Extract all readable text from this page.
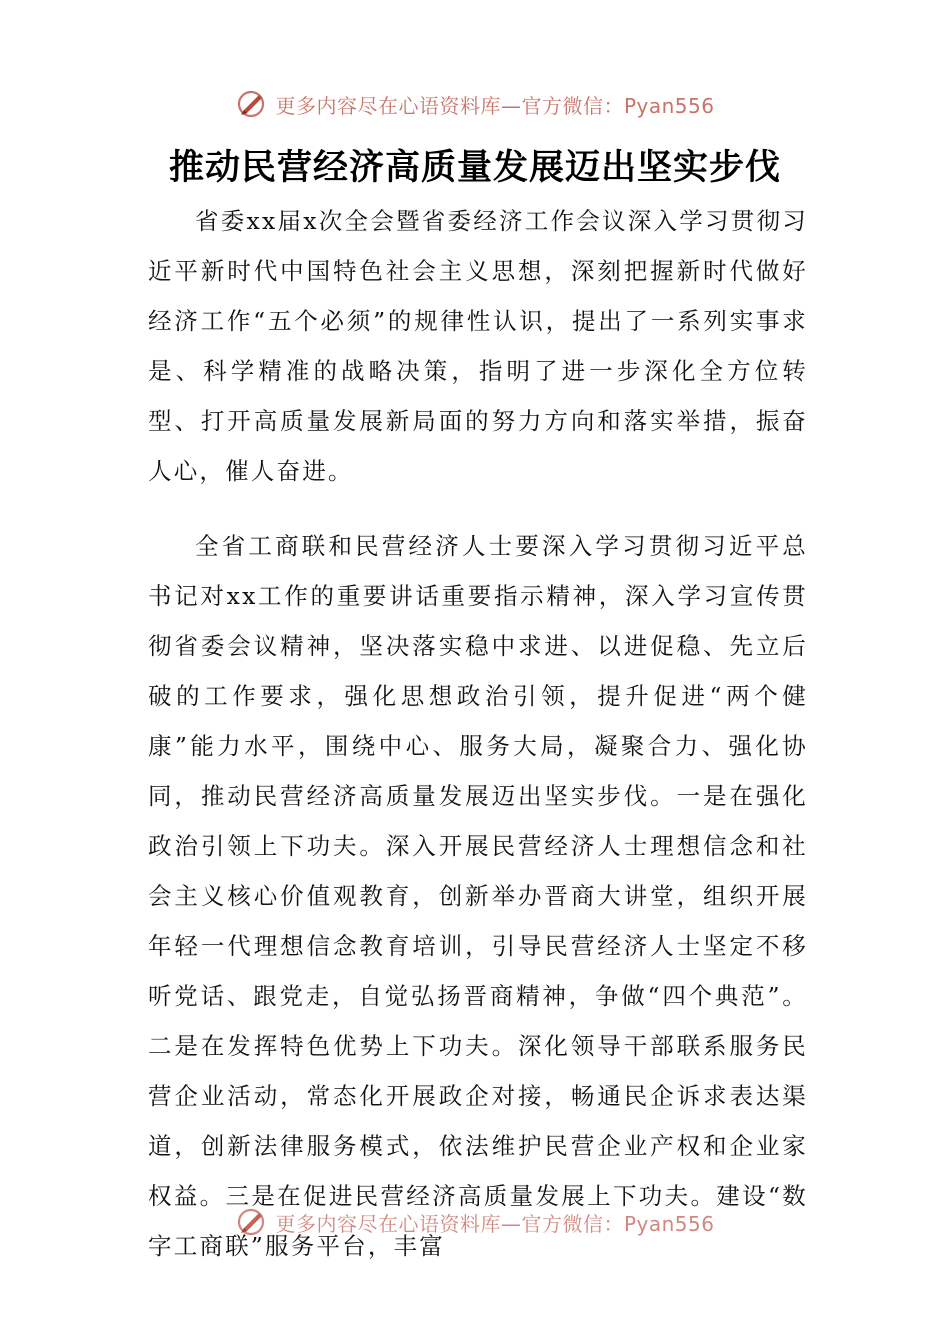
更多内容尽在心语资料库—官方微信：Pyan556
推动民营经济高质量发展迈出坚实步伐

省委xx届x次全会暨省委经济工作会议深入学习贯彻习近平新时代中国特色社会主义思想，深刻把握新时代做好经济工作“五个必须”的规律性认识，提出了一系列实事求是、科学精准的战略决策，指明了进一步深化全方位转型、打开高质量发展新局面的努力方向和落实举措，振奋人心，催人奋进。

全省工商联和民营经济人士要深入学习贯彻习近平总书记对xx工作的重要讲话重要指示精神，深入学习宣传贯彻省委会议精神，坚决落实稳中求进、以进促稳、先立后破的工作要求，强化思想政治引领，提升促进“两个健康”能力水平，围绕中心、服务大局，凝聚合力、强化协同，推动民营经济高质量发展迈出坚实步伐。一是在强化政治引领上下功夫。深入开展民营经济人士理想信念和社会主义核心价值观教育，创新举办晋商大讲堂，组织开展年轻一代理想信念教育培训，引导民营经济人士坚定不移听党话、跟党走，自觉弘扬晋商精神，争做“四个典范”。二是在发挥特色优势上下功夫。深化领导干部联系服务民营企业活动，常态化开展政企对接，畅通民企诉求表达渠道，创新法律服务模式，依法维护民营企业产权和企业家权益。三是在促进民营经济高质量发展上下功夫。建设“数字工商联”服务平台，丰富

更多内容尽在心语资料库—官方微信：Pyan556
